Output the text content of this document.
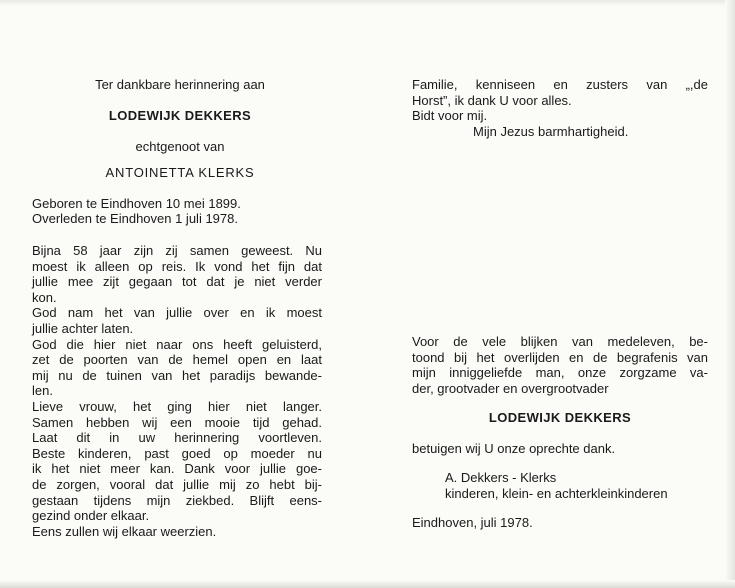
Ter dankbare herinnering aan
LODEWIJK DEKKERS
echtgenoot van
ANTOINETTA KLERKS
Geboren te Eindhoven 10 mei 1899.
Overleden te Eindhoven 1 juli 1978.
Bijna 58 jaar zijn zij samen geweest. Nu
moest ik alleen op reis. Ik vond het fijn dat
jullie mee zijt gegaan tot dat je niet verder
kon.
God nam het van jullie over en ik moest
jullie achter laten.
God die hier niet naar ons heeft geluisterd,
zet de poorten van de hemel open en laat
mij nu de tuinen van het paradijs bewande-
len.
Lieve vrouw, het ging hier niet langer.
Samen hebben wij een mooie tijd gehad.
Laat dit in uw herinnering voortleven.
Beste kinderen, past goed op moeder nu
ik het niet meer kan. Dank voor jullie goe-
de zorgen, vooral dat jullie mij zo hebt bij-
gestaan tijdens mijn ziekbed. Blijft eens-
gezind onder elkaar.
Eens zullen wij elkaar weerzien.
Familie, kenniseen en zusters van „,de
Horst”, ik dank U voor alles.
Bidt voor mij.
Mijn Jezus barmhartigheid.
Voor de vele blijken van medeleven, be-
toond bij het overlijden en de begrafenis van
mijn inniggeliefde man, onze zorgzame va-
der, grootvader en overgrootvader
LODEWIJK DEKKERS
betuigen wij U onze oprechte dank.
A. Dekkers - Klerks
kinderen, klein- en achterkleinkinderen
Eindhoven, juli 1978.
